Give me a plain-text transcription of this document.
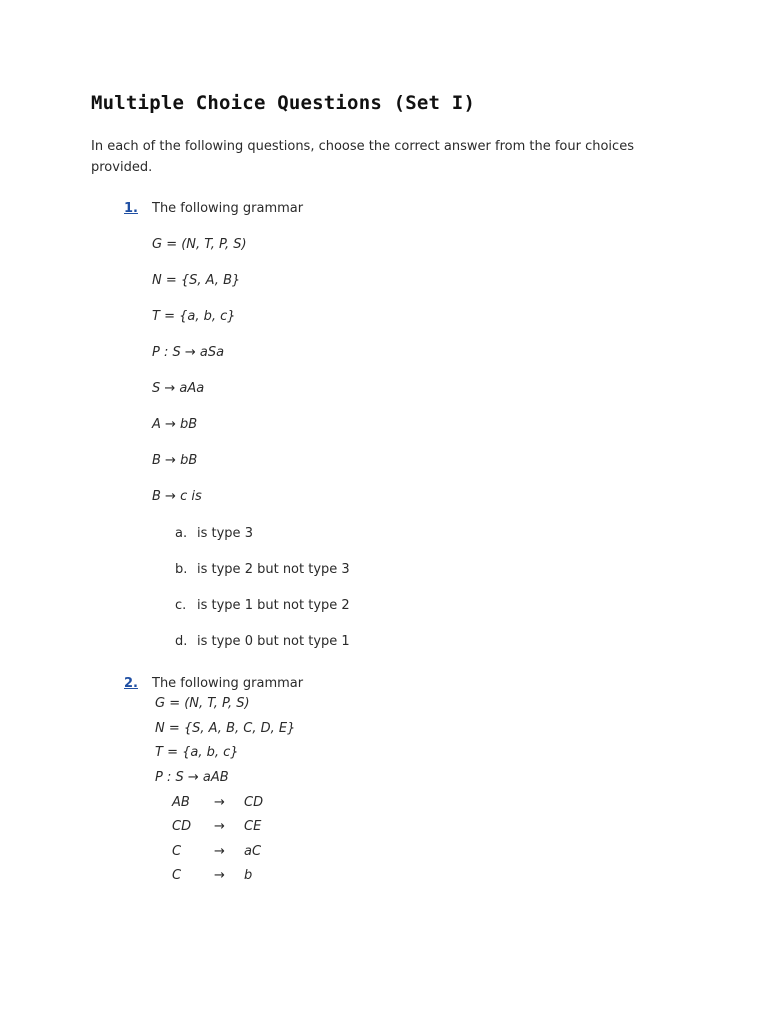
Multiple Choice Questions (Set I)

In each of the following questions, choose the correct answer from the four choices provided.

1. The following grammar
G = (N, T, P, S)
N = {S, A, B}
T = {a, b, c}
P : S → aSa
S → aAa
A → bB
B → bB
B → c is
a. is type 3
b. is type 2 but not type 3
c. is type 1 but not type 2
d. is type 0 but not type 1
2. The following grammar
G = (N, T, P, S)
N = {S, A, B, C, D, E}
T = {a, b, c}
P : S → aAB
AB → CD
CD → CE
C	→ aC
C	→ b
